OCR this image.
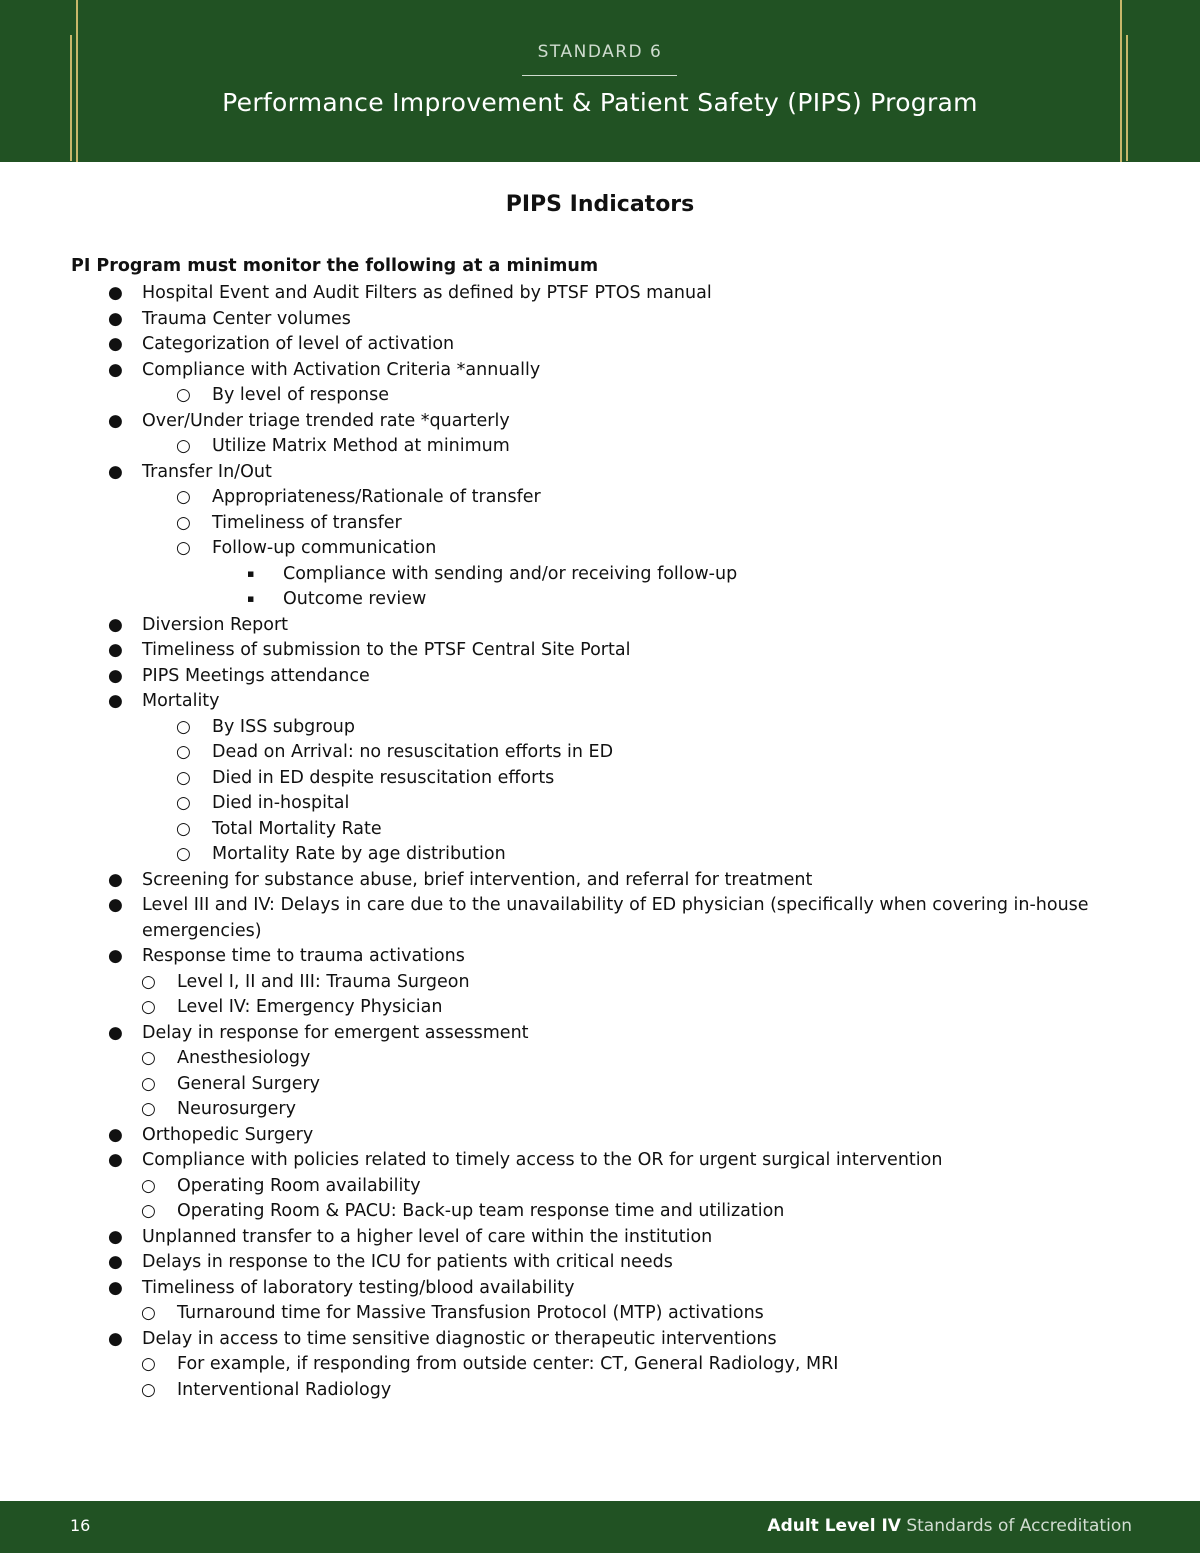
STANDARD 6
Performance Improvement & Patient Safety (PIPS) Program
PIPS Indicators
PI Program must monitor the following at a minimum
● Hospital Event and Audit Filters as defined by PTSF PTOS manual
● Trauma Center volumes
● Categorization of level of activation
● Compliance with Activation Criteria *annually
○ By level of response
● Over/Under triage trended rate *quarterly
○ Utilize Matrix Method at minimum
● Transfer In/Out
○ Appropriateness/Rationale of transfer
○ Timeliness of transfer
○ Follow-up communication
▪ Compliance with sending and/or receiving follow-up
▪ Outcome review
● Diversion Report
● Timeliness of submission to the PTSF Central Site Portal
● PIPS Meetings attendance
● Mortality
○ By ISS subgroup
○ Dead on Arrival: no resuscitation efforts in ED
○ Died in ED despite resuscitation efforts
○ Died in-hospital
○ Total Mortality Rate
○ Mortality Rate by age distribution
● Screening for substance abuse, brief intervention, and referral for treatment
● Level III and IV: Delays in care due to the unavailability of ED physician (specifically when covering in-house
emergencies)
● Response time to trauma activations
○ Level I, II and III: Trauma Surgeon
○ Level IV: Emergency Physician
● Delay in response for emergent assessment
○ Anesthesiology
○ General Surgery
○ Neurosurgery
● Orthopedic Surgery
● Compliance with policies related to timely access to the OR for urgent surgical intervention
○ Operating Room availability
○ Operating Room & PACU: Back-up team response time and utilization
● Unplanned transfer to a higher level of care within the institution
● Delays in response to the ICU for patients with critical needs
● Timeliness of laboratory testing/blood availability
○ Turnaround time for Massive Transfusion Protocol (MTP) activations
● Delay in access to time sensitive diagnostic or therapeutic interventions
○ For example, if responding from outside center: CT, General Radiology, MRI
○ Interventional Radiology
16	Adult Level IV Standards of Accreditation
